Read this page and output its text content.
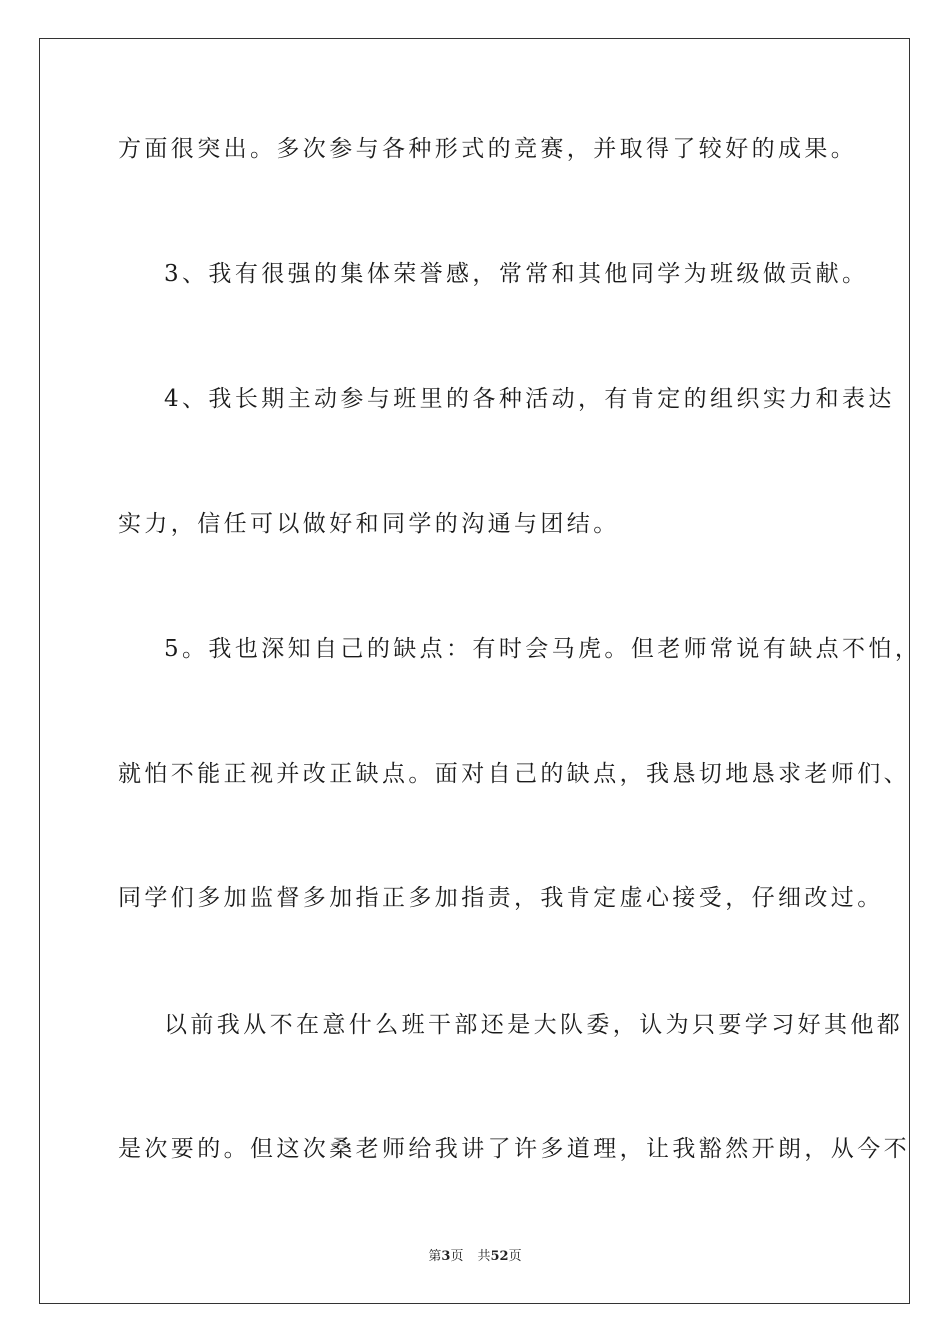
方面很突出。多次参与各种形式的竞赛，并取得了较好的成果。
3、我有很强的集体荣誉感，常常和其他同学为班级做贡献。
4、我长期主动参与班里的各种活动，有肯定的组织实力和表达
实力，信任可以做好和同学的沟通与团结。
5。我也深知自己的缺点：有时会马虎。但老师常说有缺点不怕，
就怕不能正视并改正缺点。面对自己的缺点，我恳切地恳求老师们、
同学们多加监督多加指正多加指责，我肯定虚心接受，仔细改过。
以前我从不在意什么班干部还是大队委，认为只要学习好其他都
是次要的。但这次桑老师给我讲了许多道理，让我豁然开朗，从今不
第3页 共52页
